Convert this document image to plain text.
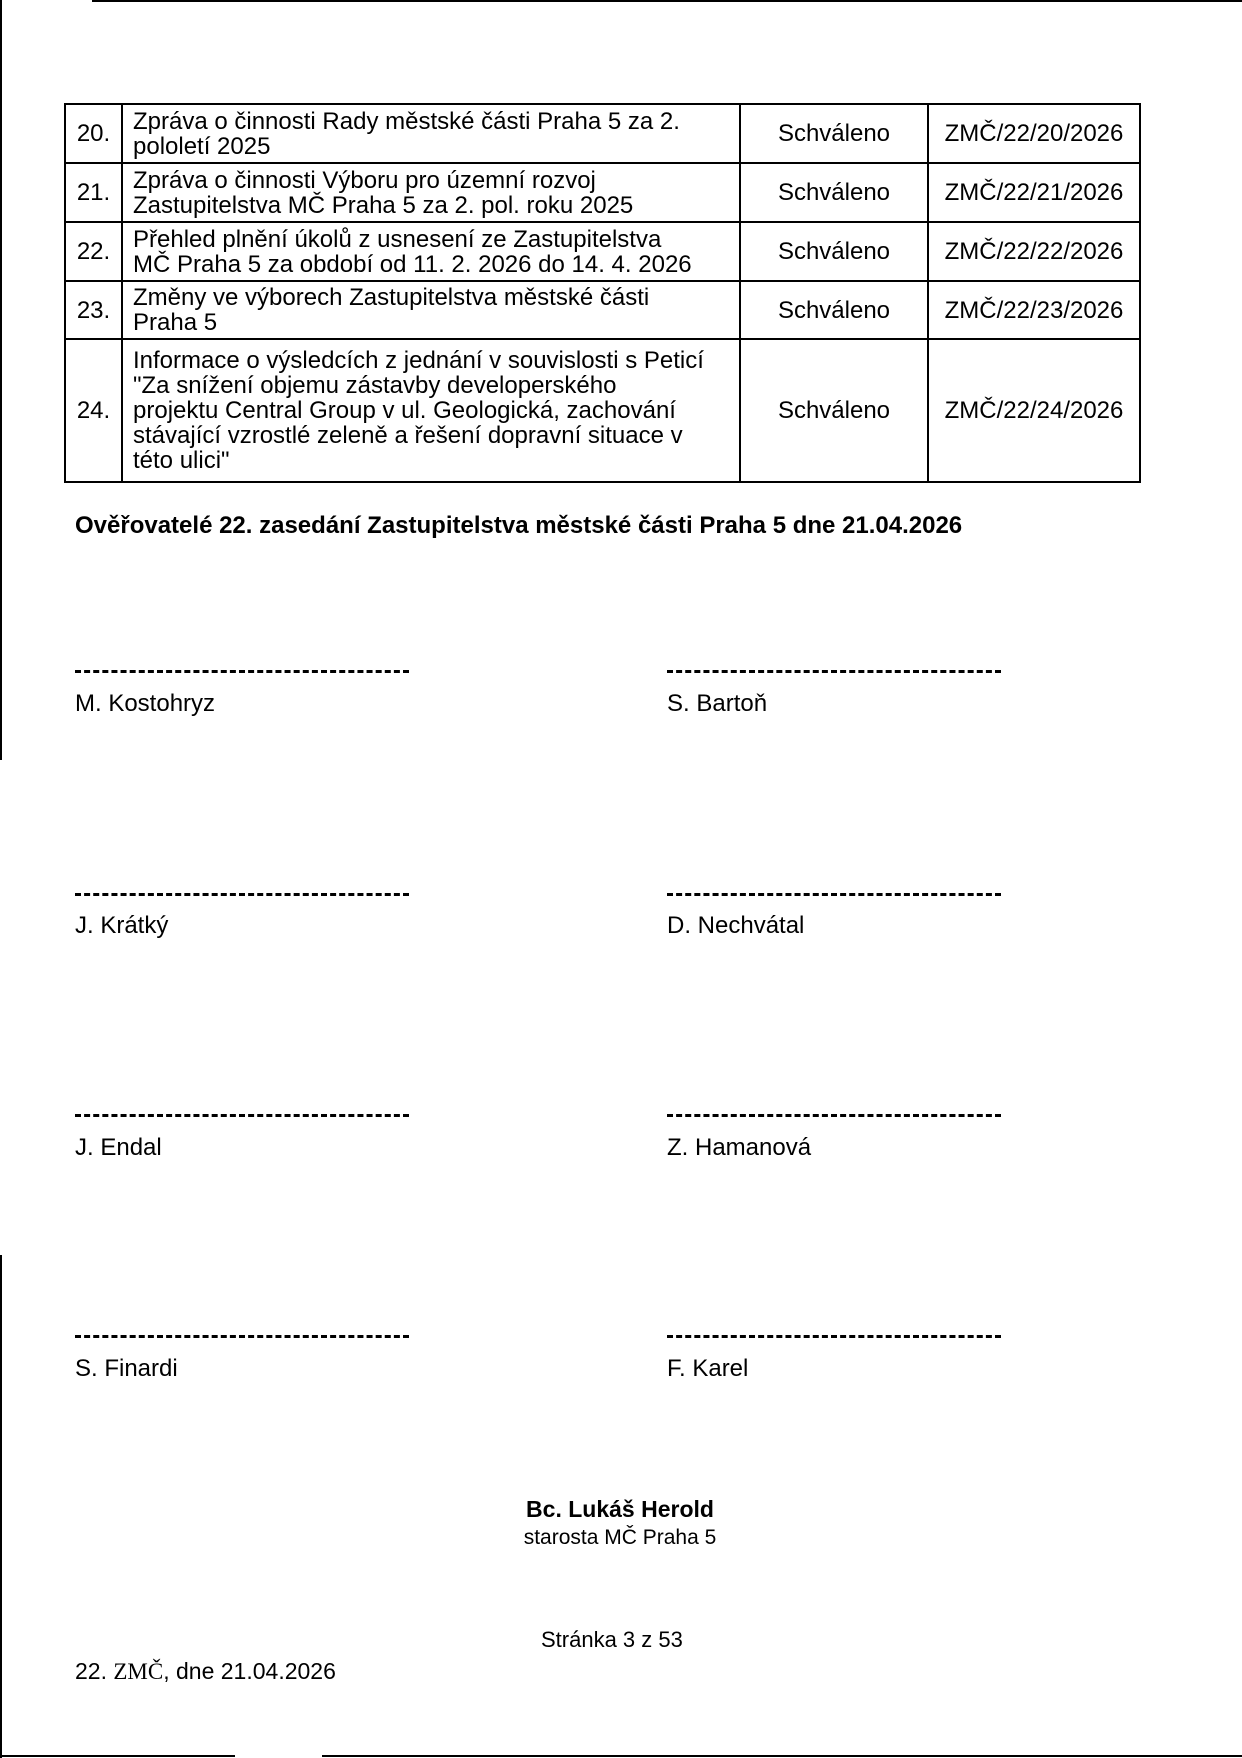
20.	Zpráva o činnosti Rady městské části Praha 5 za 2.
pololetí 2025	Schváleno	ZMČ/22/20/2026
21.	Zpráva o činnosti Výboru pro územní rozvoj
Zastupitelstva MČ Praha 5 za 2. pol. roku 2025	Schváleno	ZMČ/22/21/2026
22.	Přehled plnění úkolů z usnesení ze Zastupitelstva
MČ Praha 5 za období od 11. 2. 2026 do 14. 4. 2026	Schváleno	ZMČ/22/22/2026
23.	Změny ve výborech Zastupitelstva městské části
Praha 5	Schváleno	ZMČ/22/23/2026
24.	Informace o výsledcích z jednání v souvislosti s Peticí
"Za snížení objemu zástavby developerského
projektu Central Group v ul. Geologická, zachování
stávající vzrostlé zeleně a řešení dopravní situace v
této ulici"	Schváleno	ZMČ/22/24/2026
Ověřovatelé 22. zasedání Zastupitelstva městské části Praha 5 dne 21.04.2026
M. Kostohryz
J. Krátký
J. Endal
S. Finardi
S. Bartoň
D. Nechvátal
Z. Hamanová
F. Karel
Bc. Lukáš Herold
starosta MČ Praha 5
Stránka 3 z 53
22. ZMČ, dne 21.04.2026
